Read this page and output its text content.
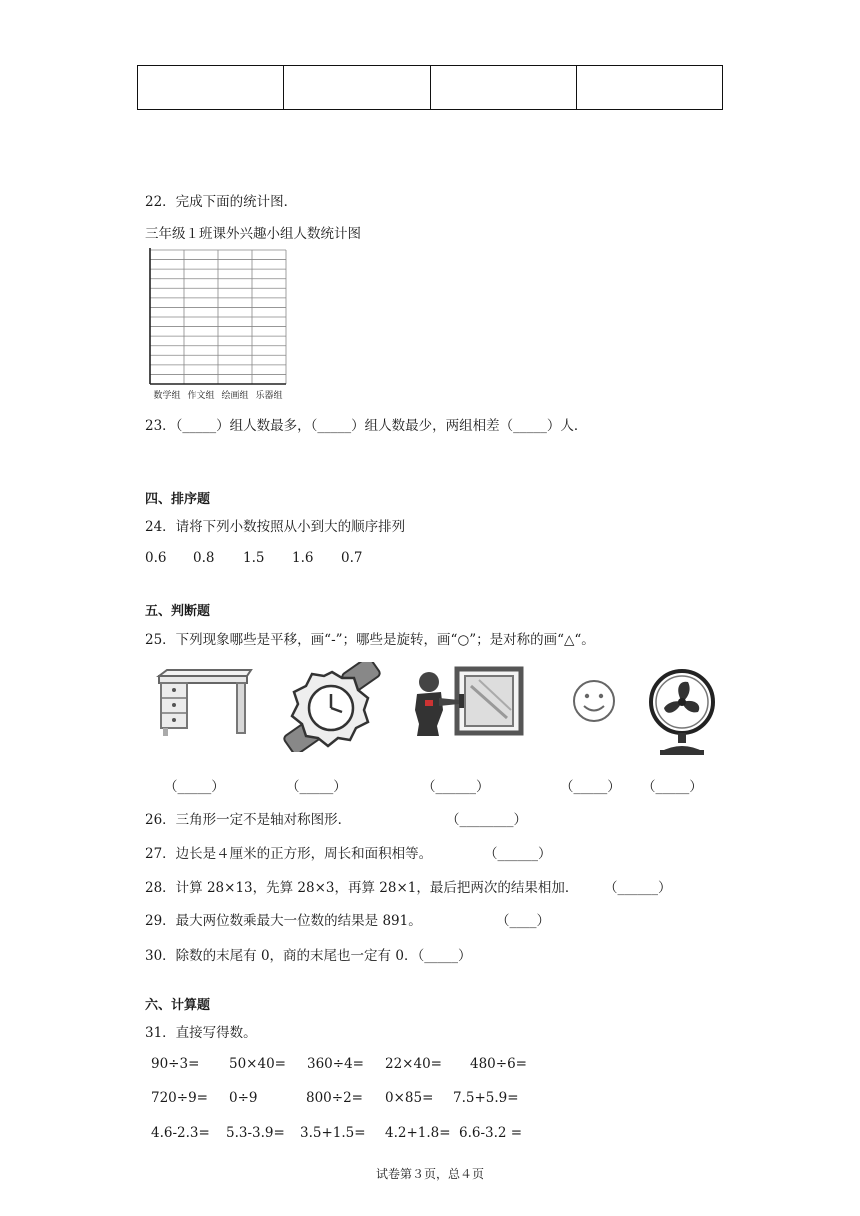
22．完成下面的统计图．
三年级１班课外兴趣小组人数统计图
数学组 作文组 绘画组 乐器组
23．（_____）组人数最多，（_____）组人数最少，两组相差（_____）人．
四、排序题
24．请将下列小数按照从小到大的顺序排列
0.6 0.8 1.5 1.6 0.7
五、判断题
25．下列现象哪些是平移，画“-”；哪些是旋转，画“○”；是对称的画“△“。
（_____）	（_____）	（______）	（_____） （_____）
26．三角形一定不是轴对称图形．	（________）
27．边长是４厘米的正方形，周长和面积相等。	（______）
28．计算 28×13，先算 28×3，再算 28×1，最后把两次的结果相加． （______）
29．最大两位数乘最大一位数的结果是 891。	（____）
30．除数的末尾有 0，商的末尾也一定有 0．（_____）
六、计算题
31．直接写得数。
90÷3= 50×40= 360÷4= 22×40= 480÷6=
720÷9= 0÷9	800÷2= 0×85= 7.5+5.9=
4.6-2.3= 5.3-3.9= 3.5+1.5= 4.2+1.8= 6.6-3.2 =
试卷第３页，总４页
